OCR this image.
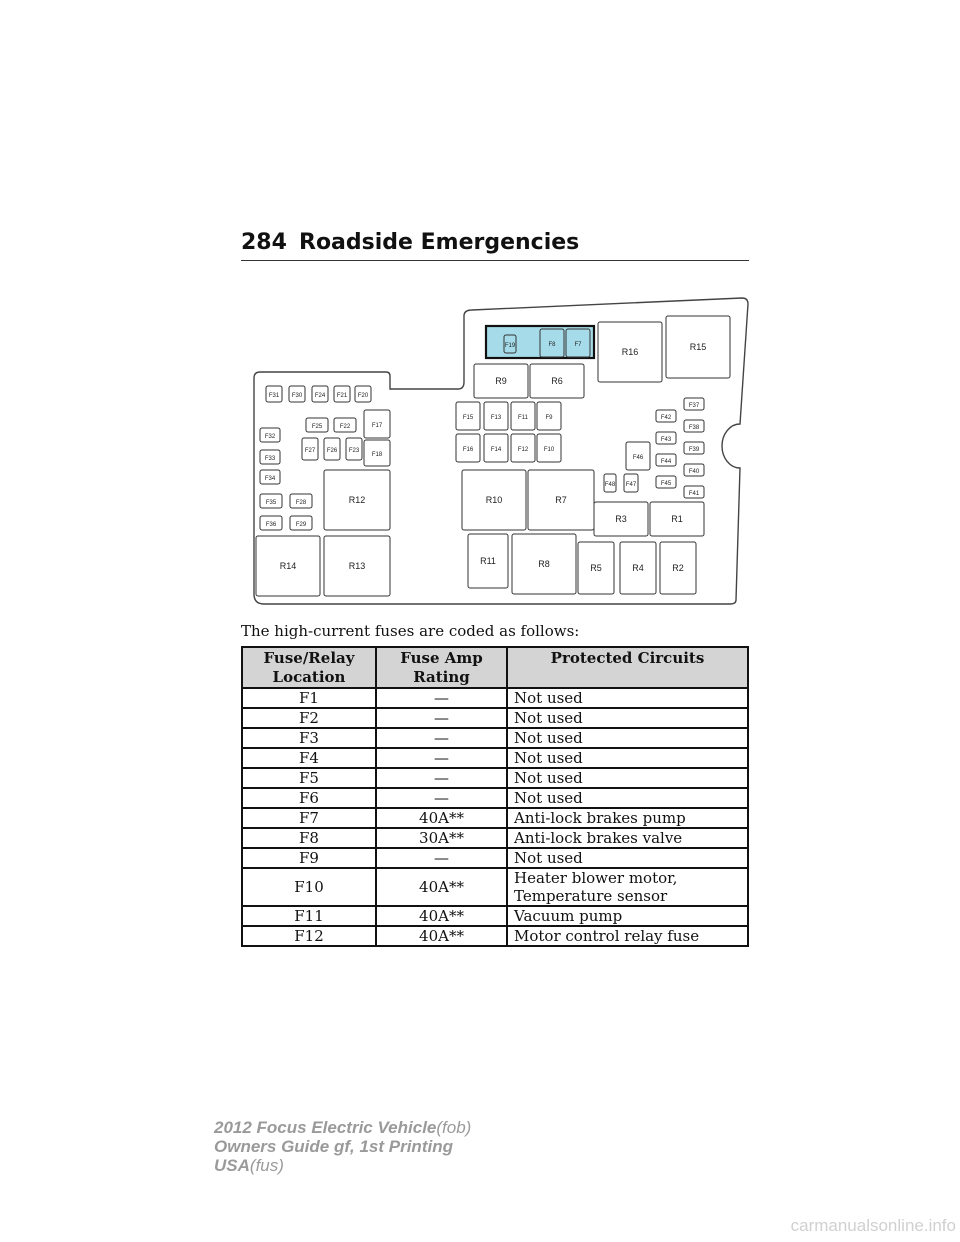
284 Roadside Emergencies
F19	F8	F7
R16	R15
R9	R6
F31 F30 F24 F21 F20
F17
F25	F22
F32
F27 F26 F23
F18
F33
F34
F35	F28
F36	F29
R12
R14	R13
F15	F13	F11	F9
F16	F14	F12	F10
R10	R7
R11	R8
F37
F42
F38
F43
F39
F46
F44
F40
F48 F47	F45
F41
R3	R1
R5	R4	R2
The high-current fuses are coded as follows:
Fuse/Relay Location	Fuse Amp Rating	Protected Circuits
F1	—	Not used
F2	—	Not used
F3	—	Not used
F4	—	Not used
F5	—	Not used
F6	—	Not used
F7	40A**	Anti-lock brakes pump
F8	30A**	Anti-lock brakes valve
F9	—	Not used
F10	40A**	Heater blower motor,
Temperature sensor

F11	40A**	Vacuum pump
F12	40A**	Motor control relay fuse
2012 Focus Electric Vehicle(fob)
Owners Guide gf, 1st Printing
USA(fus)
carmanualsonline.info
